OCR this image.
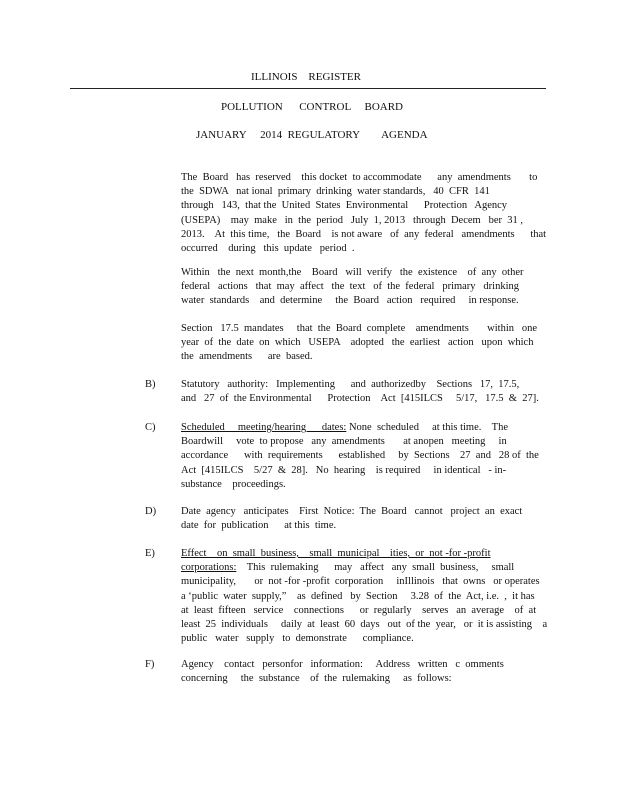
ILLINOIS    REGISTER
POLLUTION      CONTROL     BOARD
JANUARY     2014  REGULATORY        AGENDA
The  Board   has  reserved    this docket  to accommodate      any  amendments       to
the  SDWA   nat ional  primary  drinking  water standards,   40  CFR  141
through   143,  that the  United  States  Environmental      Protection   Agency
(USEPA)    may  make   in  the  period   July  1, 2013   through  Decem   ber  31 ,
2013.    At  this time,   the  Board    is not aware   of  any  federal   amendments      that
occurred    during   this  update   period  .
Within   the  next  month,the    Board   will  verify   the  existence    of  any  other
federal   actions   that  may  affect   the  text   of  the  federal   primary   drinking
water  standards    and  determine     the  Board   action   required     in response.
Section   17.5  mandates     that  the  Board  complete    amendments       within   one
year  of  the  date  on  which   USEPA    adopted   the  earliest   action   upon  which
the  amendments      are  based.
B) Statutory   authority:   Implementing      and  authorizedby    Sections   17,  17.5,
and   27  of  the Environmental      Protection    Act  [415ILCS     5/17,   17.5  &  27].
C) Scheduled     meeting/hearing      dates: None  scheduled     at this time.    The
Boardwill     vote  to propose   any  amendments       at anopen   meeting     in
accordance      with  requirements      established     by  Sections    27  and   28 of  the
Act  [415ILCS    5/27  &  28].   No  hearing    is required     in identical   - in-
substance    proceedings.
D) Date  agency   anticipates    First  Notice:  The  Board   cannot   project  an  exact
date  for  publication      at this  time.
E) Effect    on  small  business,    small  municipal    ities,  or  not -for -profit
corporations:    This  rulemaking      may   affect   any  small  business,     small
municipality,       or  not -for -profit  corporation     inIllinois   that  owns   or operates
a ‘public  water  supply,”    as  defined   by  Section     3.28  of  the  Act, i.e.  ,  it has
at  least  fifteen   service    connections      or  regularly    serves   an  average    of  at
least  25  individuals     daily  at  least  60  days   out  of the  year,   or  it is assisting    a
public   water   supply   to  demonstrate      compliance.
F)	Agency    contact   personfor   information:     Address   written   c  omments
concerning     the  substance    of  the  rulemaking     as  follows:
